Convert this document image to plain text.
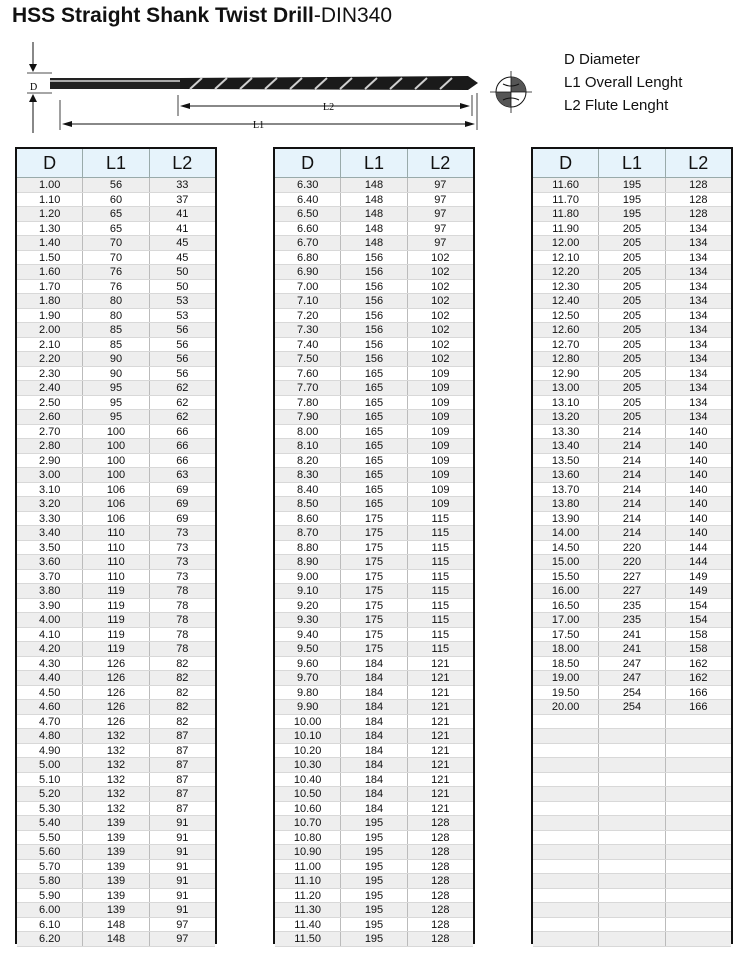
HSS Straight Shank Twist Drill-DIN340
D
L2
L1
D Diameter
L1 Overall Lenght
L2 Flute Lenght
D	L1	L2
1.00	56	33
1.10	60	37
1.20	65	41
1.30	65	41
1.40	70	45
1.50	70	45
1.60	76	50
1.70	76	50
1.80	80	53
1.90	80	53
2.00	85	56
2.10	85	56
2.20	90	56
2.30	90	56
2.40	95	62
2.50	95	62
2.60	95	62
2.70	100	66
2.80	100	66
2.90	100	66
3.00	100	63
3.10	106	69
3.20	106	69
3.30	106	69
3.40	110	73
3.50	110	73
3.60	110	73
3.70	110	73
3.80	119	78
3.90	119	78
4.00	119	78
4.10	119	78
4.20	119	78
4.30	126	82
4.40	126	82
4.50	126	82
4.60	126	82
4.70	126	82
4.80	132	87
4.90	132	87
5.00	132	87
5.10	132	87
5.20	132	87
5.30	132	87
5.40	139	91
5.50	139	91
5.60	139	91
5.70	139	91
5.80	139	91
5.90	139	91
6.00	139	91
6.10	148	97
6.20	148	97
D	L1	L2
6.30	148	97
6.40	148	97
6.50	148	97
6.60	148	97
6.70	148	97
6.80	156	102
6.90	156	102
7.00	156	102
7.10	156	102
7.20	156	102
7.30	156	102
7.40	156	102
7.50	156	102
7.60	165	109
7.70	165	109
7.80	165	109
7.90	165	109
8.00	165	109
8.10	165	109
8.20	165	109
8.30	165	109
8.40	165	109
8.50	165	109
8.60	175	115
8.70	175	115
8.80	175	115
8.90	175	115
9.00	175	115
9.10	175	115
9.20	175	115
9.30	175	115
9.40	175	115
9.50	175	115
9.60	184	121
9.70	184	121
9.80	184	121
9.90	184	121
10.00	184	121
10.10	184	121
10.20	184	121
10.30	184	121
10.40	184	121
10.50	184	121
10.60	184	121
10.70	195	128
10.80	195	128
10.90	195	128
11.00	195	128
11.10	195	128
11.20	195	128
11.30	195	128
11.40	195	128
11.50	195	128
D	L1	L2
11.60	195	128
11.70	195	128
11.80	195	128
11.90	205	134
12.00	205	134
12.10	205	134
12.20	205	134
12.30	205	134
12.40	205	134
12.50	205	134
12.60	205	134
12.70	205	134
12.80	205	134
12.90	205	134
13.00	205	134
13.10	205	134
13.20	205	134
13.30	214	140
13.40	214	140
13.50	214	140
13.60	214	140
13.70	214	140
13.80	214	140
13.90	214	140
14.00	214	140
14.50	220	144
15.00	220	144
15.50	227	149
16.00	227	149
16.50	235	154
17.00	235	154
17.50	241	158
18.00	241	158
18.50	247	162
19.00	247	162
19.50	254	166
20.00	254	166
